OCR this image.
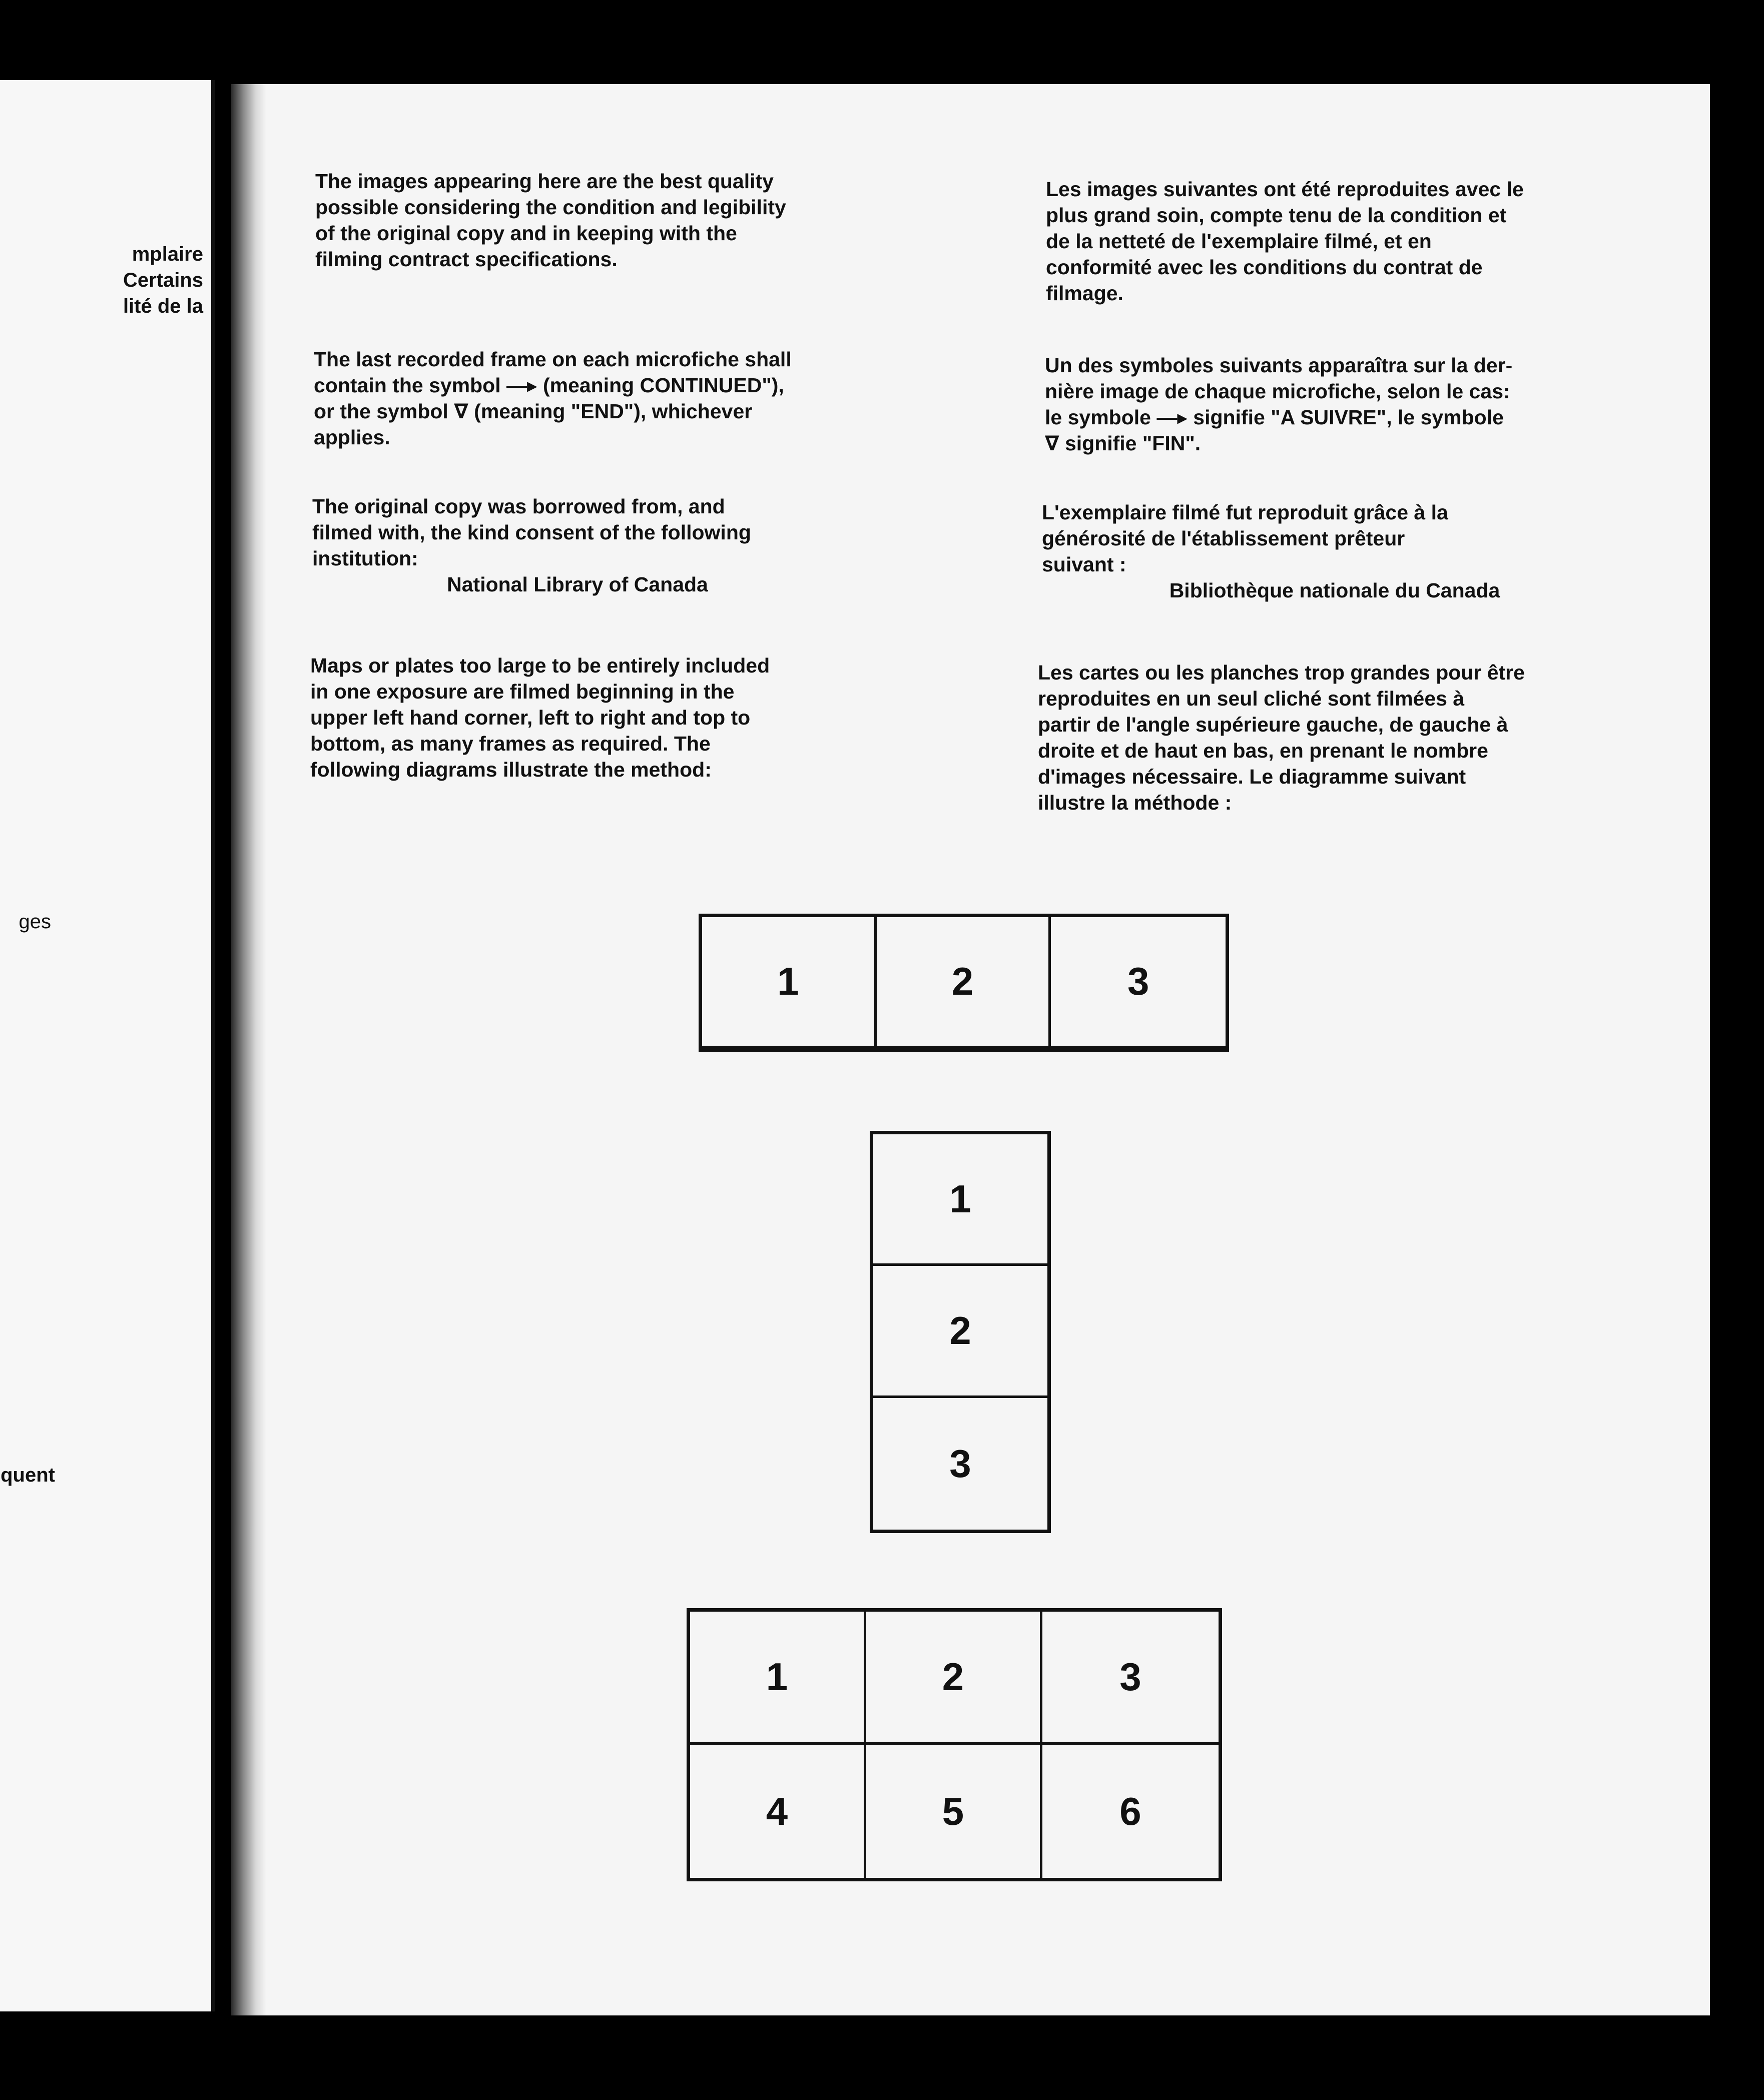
mplaire
Certains
lité de la
ges
quent
The images appearing here are the best quality
possible considering the condition and legibility
of the original copy and in keeping with the
filming contract specifications.
The last recorded frame on each microfiche shall
contain the symbol —▸ (meaning CONTINUED"),
or the symbol ∇ (meaning "END"), whichever
applies.
The original copy was borrowed from, and
filmed with, the kind consent of the following
institution:
National Library of Canada
Maps or plates too large to be entirely included
in one exposure are filmed beginning in the
upper left hand corner, left to right and top to
bottom, as many frames as required. The
following diagrams illustrate the method:
Les images suivantes ont été reproduites avec le
plus grand soin, compte tenu de la condition et
de la netteté de l'exemplaire filmé, et en
conformité avec les conditions du contrat de
filmage.
Un des symboles suivants apparaîtra sur la der-
nière image de chaque microfiche, selon le cas:
le symbole —▸ signifie "A SUIVRE", le symbole
∇ signifie "FIN".
L'exemplaire filmé fut reproduit grâce à la
générosité de l'établissement prêteur
suivant :
Bibliothèque nationale du Canada
Les cartes ou les planches trop grandes pour être
reproduites en un seul cliché sont filmées à
partir de l'angle supérieure gauche, de gauche à
droite et de haut en bas, en prenant le nombre
d'images nécessaire. Le diagramme suivant
illustre la méthode :
1	2	3
1
2
3
1	2	3
4	5	6
